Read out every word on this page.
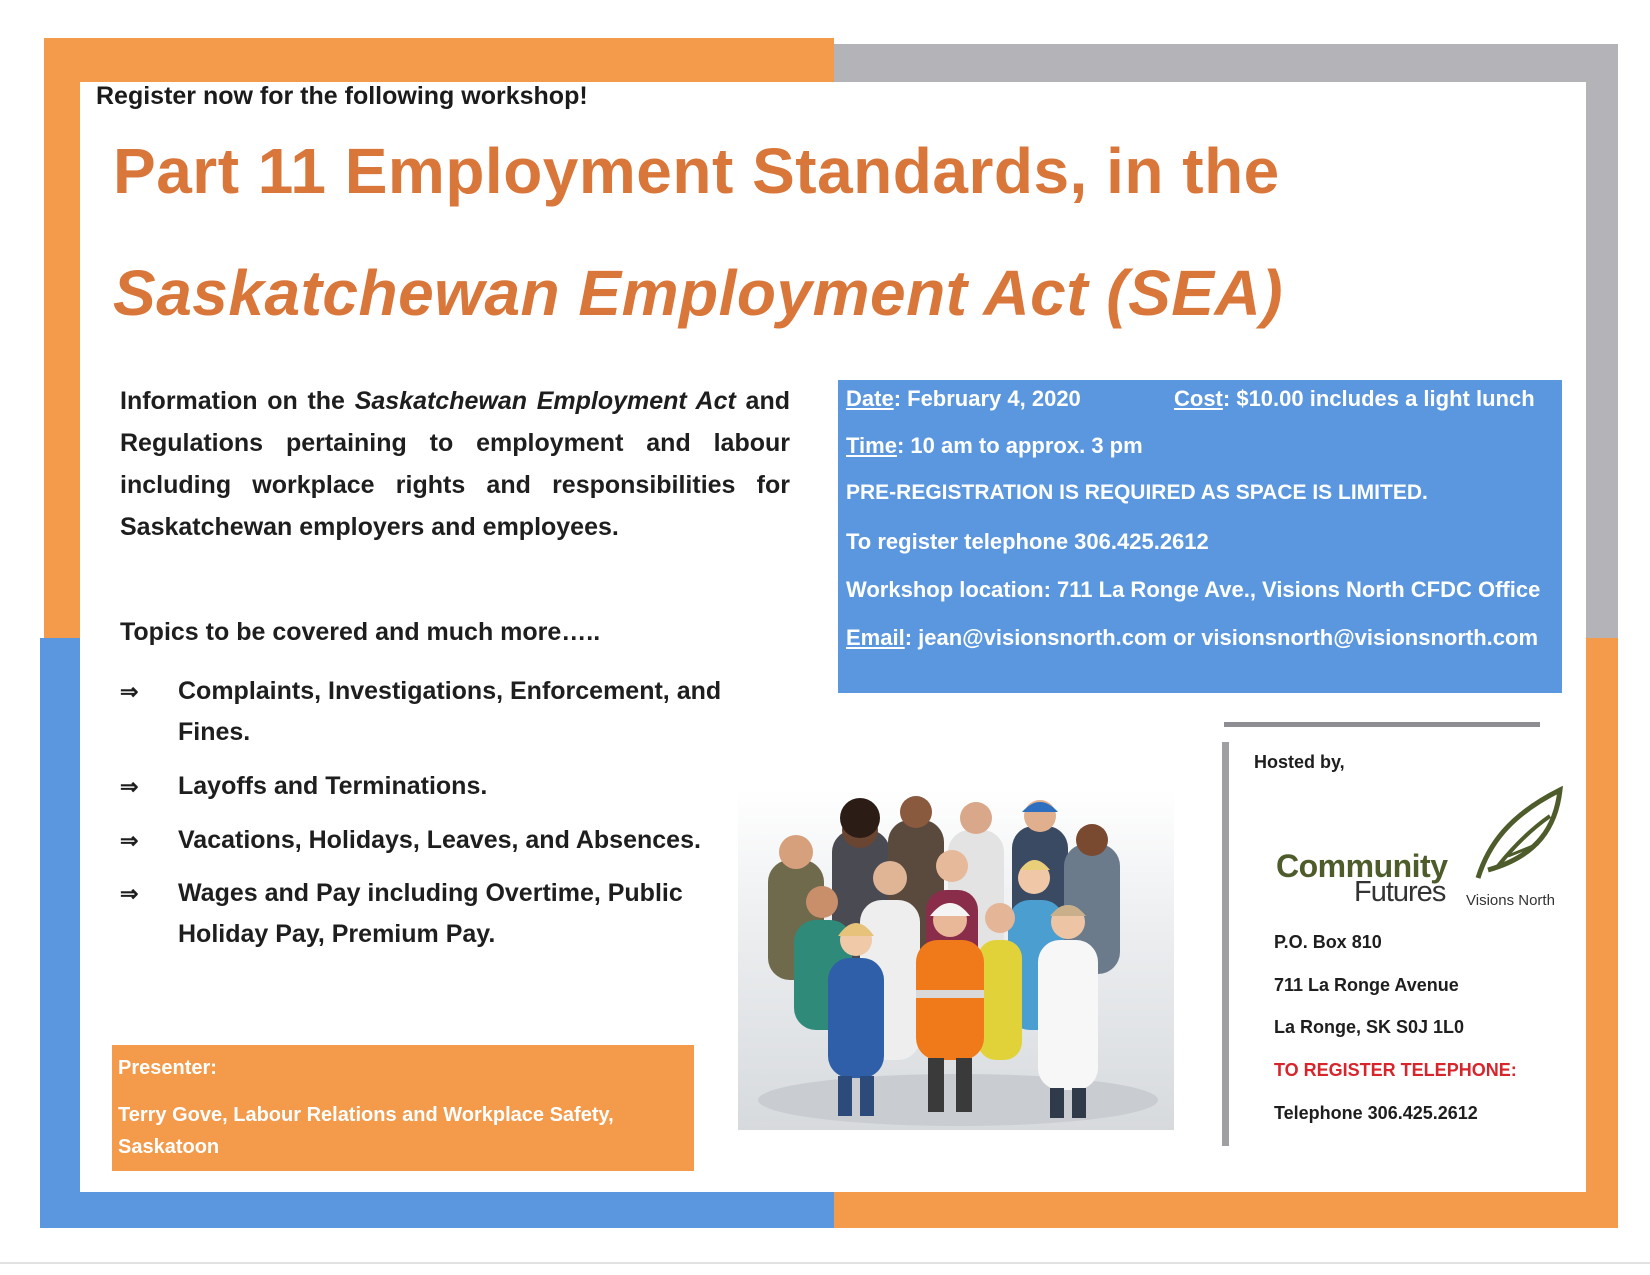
Register now for the following workshop!
Part 11 Employment Standards, in the
Saskatchewan Employment Act (SEA)
Information on the Saskatchewan Employment Act and Regulations pertaining to employment and labour including workplace rights and responsibilities for Saskatchewan employers and employees.
Topics to be covered and much more…..
⇒	Complaints, Investigations, Enforcement, and Fines.
⇒	Layoffs and Terminations.
⇒	Vacations, Holidays, Leaves, and Absences.
⇒	Wages and Pay including Overtime, Public Holiday Pay, Premium Pay.
Presenter:
Terry Gove, Labour Relations and Workplace Safety, Saskatoon
Date: February 4, 2020	Cost: $10.00 includes a light lunch
Time: 10 am to approx. 3 pm
PRE-REGISTRATION IS REQUIRED AS SPACE IS LIMITED.
To register telephone 306.425.2612
Workshop location: 711 La Ronge Ave., Visions North CFDC Office
Email: jean@visionsnorth.com or visionsnorth@visionsnorth.com
Hosted by,
Community
Futures Visions North
P.O. Box 810
711 La Ronge Avenue
La Ronge, SK S0J 1L0
TO REGISTER TELEPHONE:
Telephone 306.425.2612
